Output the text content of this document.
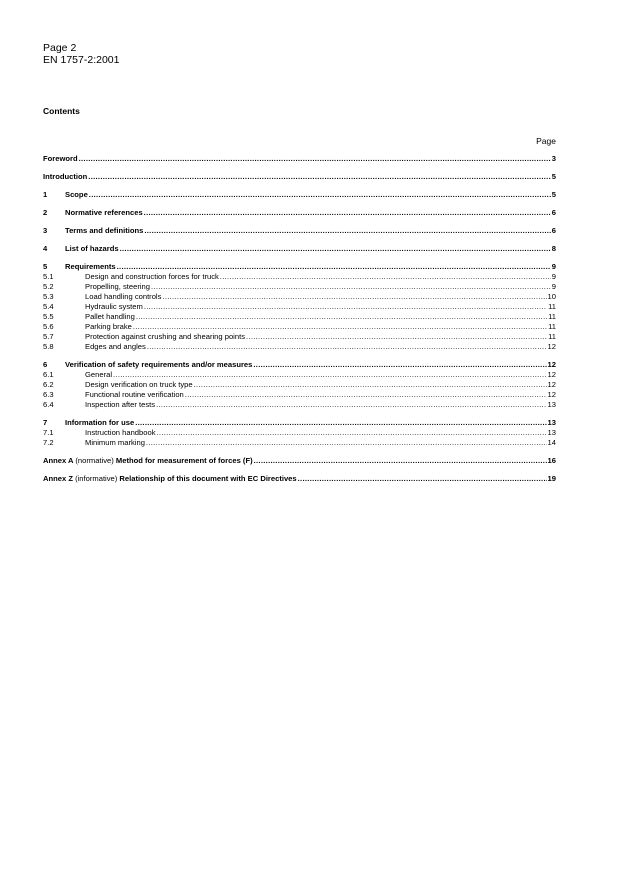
Page 2
EN 1757-2:2001
Contents
Page
Foreword .....	3
Introduction .....	5
1	Scope .....	5
2	Normative references .....	6
3	Terms and definitions .....	6
4	List of hazards .....	8
5	Requirements .....	9
5.1	Design and construction forces for truck .....	9
5.2	Propelling, steering .....	9
5.3	Load handling controls .....	10
5.4	Hydraulic system .....	11
5.5	Pallet handling .....	11
5.6	Parking brake .....	11
5.7	Protection against crushing and shearing points .....	11
5.8	Edges and angles .....	12
6	Verification of safety requirements and/or measures .....	12
6.1	General .....	12
6.2	Design verification on truck type .....	12
6.3	Functional routine verification .....	12
6.4	Inspection after tests .....	13
7	Information for use .....	13
7.1	Instruction handbook .....	13
7.2	Minimum marking .....	14
Annex A (normative) Method for measurement of forces (F) .....	16
Annex Z (informative) Relationship of this document with EC Directives .....	19
